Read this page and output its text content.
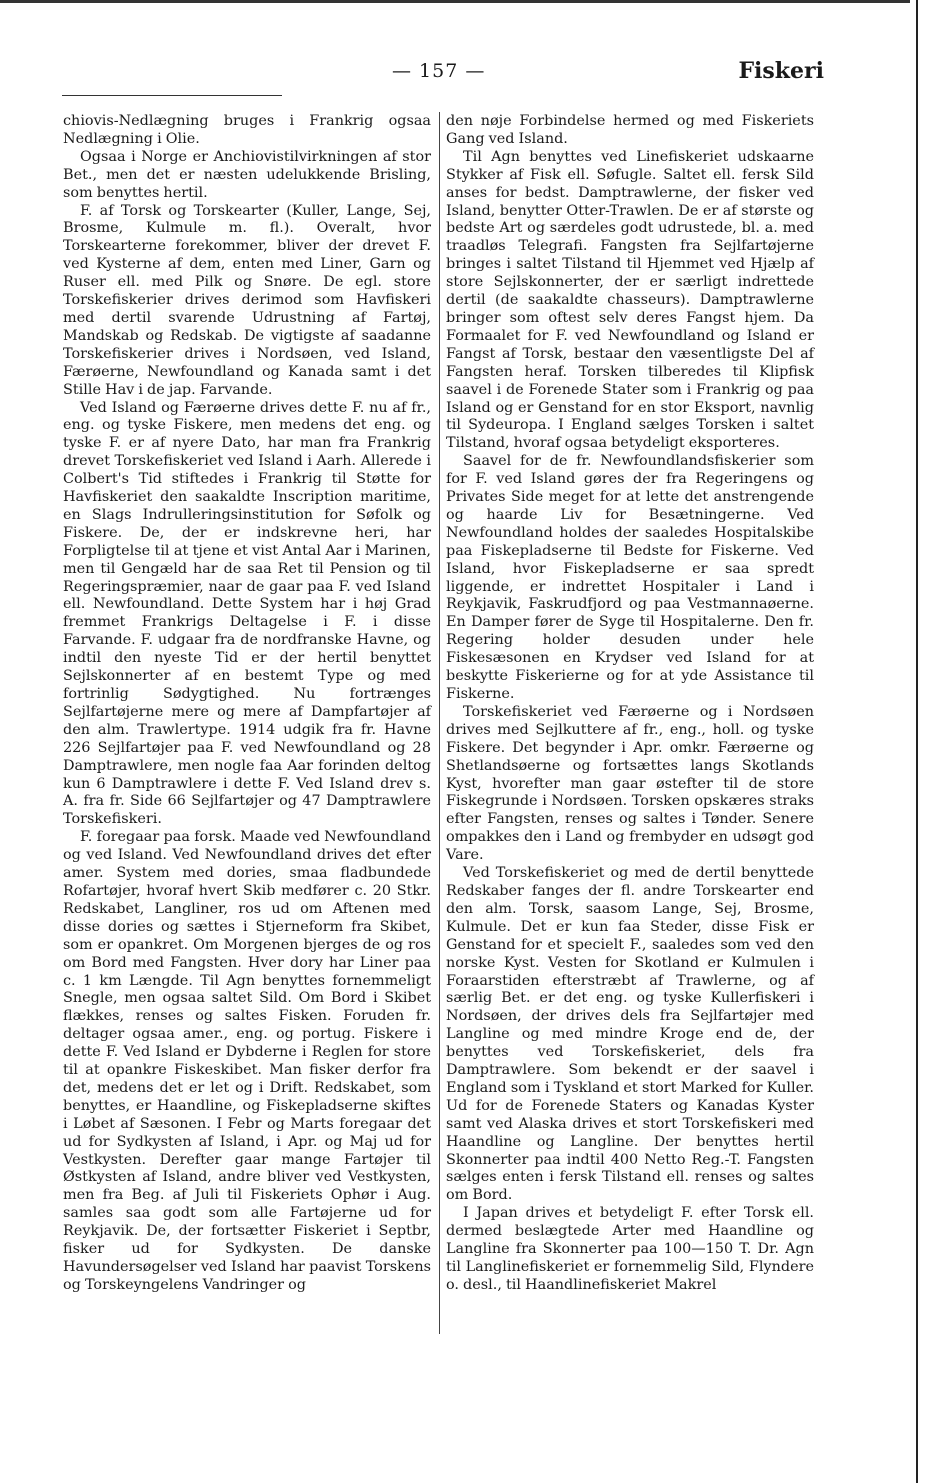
— 157 —	Fiskeri

chiovis-Nedlægning bruges i Frankrig ogsaa Nedlægning i Olie.

Ogsaa i Norge er Anchiovistilvirkningen af stor Bet., men det er næsten udelukkende Brisling, som benyttes hertil.

F. af Torsk og Torskearter (Kuller, Lange, Sej, Brosme, Kulmule m. fl.). Overalt, hvor Torskearterne forekommer, bliver der drevet F. ved Kysterne af dem, enten med Liner, Garn og Ruser ell. med Pilk og Snøre. De egl. store Torskefiskerier drives derimod som Havfiskeri med dertil svarende Udrustning af Fartøj, Mandskab og Redskab. De vigtigste af saadanne Torskefiskerier drives i Nordsøen, ved Island, Færøerne, Newfoundland og Kanada samt i det Stille Hav i de jap. Farvande.

Ved Island og Færøerne drives dette F. nu af fr., eng. og tyske Fiskere, men medens det eng. og tyske F. er af nyere Dato, har man fra Frankrig drevet Torskefiskeriet ved Island i Aarh. Allerede i Colbert's Tid stiftedes i Frankrig til Støtte for Havfiskeriet den saakaldte Inscription maritime, en Slags Indrulleringsinstitution for Søfolk og Fiskere. De, der er indskrevne heri, har Forpligtelse til at tjene et vist Antal Aar i Marinen, men til Gengæld har de saa Ret til Pension og til Regeringspræmier, naar de gaar paa F. ved Island ell. Newfoundland. Dette System har i høj Grad fremmet Frankrigs Deltagelse i F. i disse Farvande. F. udgaar fra de nordfranske Havne, og indtil den nyeste Tid er der hertil benyttet Sejlskonnerter af en bestemt Type og med fortrinlig Sødygtighed. Nu fortrænges Sejlfartøjerne mere og mere af Dampfartøjer af den alm. Trawlertype. 1914 udgik fra fr. Havne 226 Sejlfartøjer paa F. ved Newfoundland og 28 Damptrawlere, men nogle faa Aar forinden deltog kun 6 Damptrawlere i dette F. Ved Island drev s. A. fra fr. Side 66 Sejlfartøjer og 47 Damptrawlere Torskefiskeri.

F. foregaar paa forsk. Maade ved Newfoundland og ved Island. Ved Newfoundland drives det efter amer. System med dories, smaa fladbundede Rofartøjer, hvoraf hvert Skib medfører c. 20 Stkr. Redskabet, Langliner, ros ud om Aftenen med disse dories og sættes i Stjerneform fra Skibet, som er opankret. Om Morgenen bjerges de og ros om Bord med Fangsten. Hver dory har Liner paa c. 1 km Længde. Til Agn benyttes fornemmeligt Snegle, men ogsaa saltet Sild. Om Bord i Skibet flækkes, renses og saltes Fisken. Foruden fr. deltager ogsaa amer., eng. og portug. Fiskere i dette F. Ved Island er Dybderne i Reglen for store til at opankre Fiskeskibet. Man fisker derfor fra det, medens det er let og i Drift. Redskabet, som benyttes, er Haandline, og Fiskepladserne skiftes i Løbet af Sæsonen. I Febr og Marts foregaar det ud for Sydkysten af Island, i Apr. og Maj ud for Vestkysten. Derefter gaar mange Fartøjer til Østkysten af Island, andre bliver ved Vestkysten, men fra Beg. af Juli til Fiskeriets Ophør i Aug. samles saa godt som alle Fartøjerne ud for Reykjavik. De, der fortsætter Fiskeriet i Septbr, fisker ud for Sydkysten. De danske Havundersøgelser ved Island har paavist Torskens og Torskeyngelens Vandringer og

den nøje Forbindelse hermed og med Fiskeriets Gang ved Island.

Til Agn benyttes ved Linefiskeriet udskaarne Stykker af Fisk ell. Søfugle. Saltet ell. fersk Sild anses for bedst. Damptrawlerne, der fisker ved Island, benytter Otter-Trawlen. De er af største og bedste Art og særdeles godt udrustede, bl. a. med traadløs Telegrafi. Fangsten fra Sejlfartøjerne bringes i saltet Tilstand til Hjemmet ved Hjælp af store Sejlskonnerter, der er særligt indrettede dertil (de saakaldte chasseurs). Damptrawlerne bringer som oftest selv deres Fangst hjem. Da Formaalet for F. ved Newfoundland og Island er Fangst af Torsk, bestaar den væsentligste Del af Fangsten heraf. Torsken tilberedes til Klipfisk saavel i de Forenede Stater som i Frankrig og paa Island og er Genstand for en stor Eksport, navnlig til Sydeuropa. I England sælges Torsken i saltet Tilstand, hvoraf ogsaa betydeligt eksporteres.

Saavel for de fr. Newfoundlandsfiskerier som for F. ved Island gøres der fra Regeringens og Privates Side meget for at lette det anstrengende og haarde Liv for Besætningerne. Ved Newfoundland holdes der saaledes Hospitalskibe paa Fiskepladserne til Bedste for Fiskerne. Ved Island, hvor Fiskepladserne er saa spredt liggende, er indrettet Hospitaler i Land i Reykjavik, Faskrudfjord og paa Vestmannaøerne. En Damper fører de Syge til Hospitalerne. Den fr. Regering holder desuden under hele Fiskesæsonen en Krydser ved Island for at beskytte Fiskerierne og for at yde Assistance til Fiskerne.

Torskefiskeriet ved Færøerne og i Nordsøen drives med Sejlkuttere af fr., eng., holl. og tyske Fiskere. Det begynder i Apr. omkr. Færøerne og Shetlandsøerne og fortsættes langs Skotlands Kyst, hvorefter man gaar østefter til de store Fiskegrunde i Nordsøen. Torsken opskæres straks efter Fangsten, renses og saltes i Tønder. Senere ompakkes den i Land og frembyder en udsøgt god Vare.

Ved Torskefiskeriet og med de dertil benyttede Redskaber fanges der fl. andre Torskearter end den alm. Torsk, saasom Lange, Sej, Brosme, Kulmule. Det er kun faa Steder, disse Fisk er Genstand for et specielt F., saaledes som ved den norske Kyst. Vesten for Skotland er Kulmulen i Foraarstiden efterstræbt af Trawlerne, og af særlig Bet. er det eng. og tyske Kullerfiskeri i Nordsøen, der drives dels fra Sejlfartøjer med Langline og med mindre Kroge end de, der benyttes ved Torskefiskeriet, dels fra Damptrawlere. Som bekendt er der saavel i England som i Tyskland et stort Marked for Kuller. Ud for de Forenede Staters og Kanadas Kyster samt ved Alaska drives et stort Torskefiskeri med Haandline og Langline. Der benyttes hertil Skonnerter paa indtil 400 Netto Reg.-T. Fangsten sælges enten i fersk Tilstand ell. renses og saltes om Bord.

I Japan drives et betydeligt F. efter Torsk ell. dermed beslægtede Arter med Haandline og Langline fra Skonnerter paa 100—150 T. Dr. Agn til Langlinefiskeriet er fornemmelig Sild, Flyndere o. desl., til Haandlinefiskeriet Makrel
